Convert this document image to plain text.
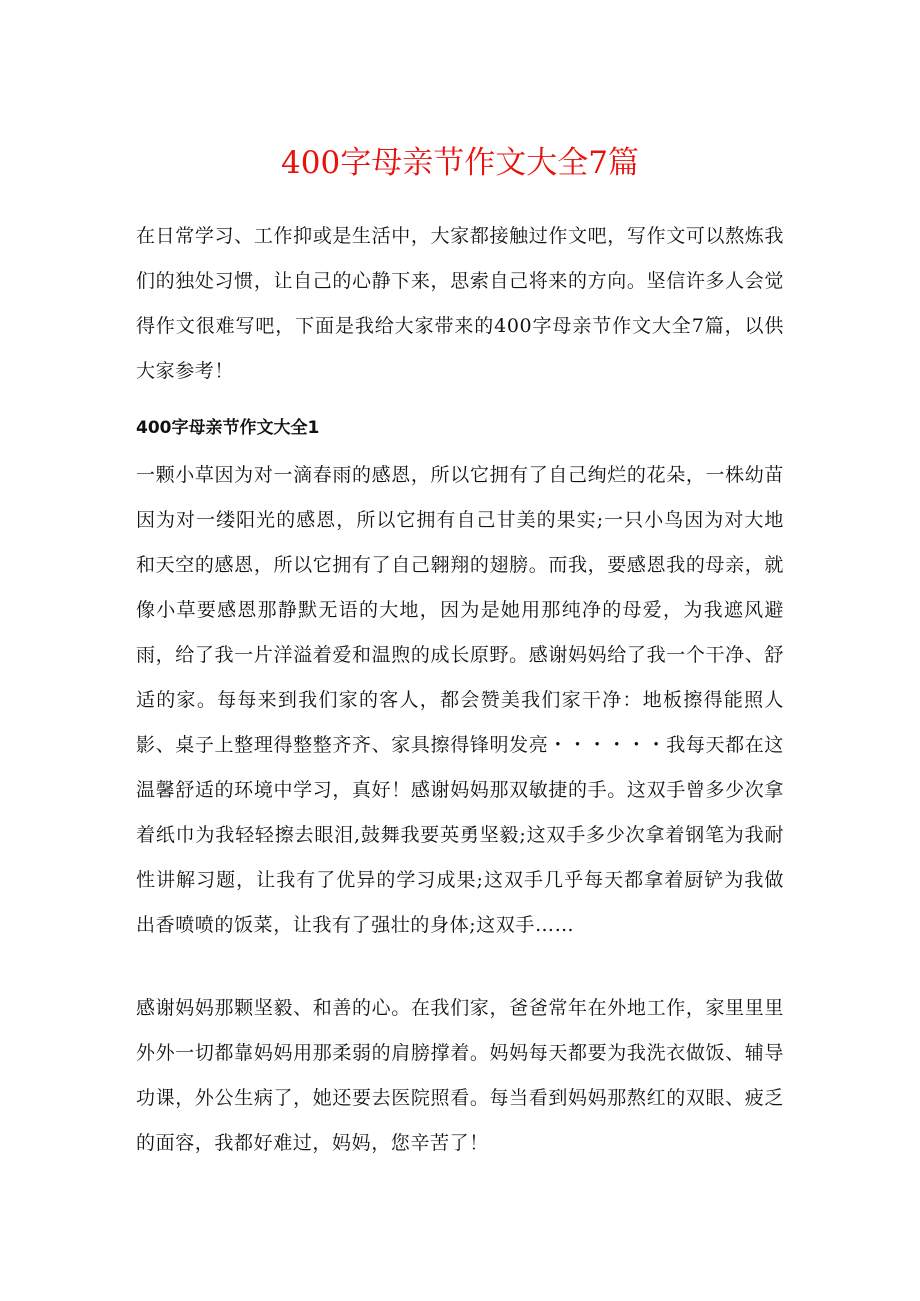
400字母亲节作文大全7篇

在日常学习、工作抑或是生活中，大家都接触过作文吧，写作文可以熬炼我们的独处习惯，让自己的心静下来，思索自己将来的方向。坚信许多人会觉得作文很难写吧，下面是我给大家带来的400字母亲节作文大全7篇，以供大家参考！

400字母亲节作文大全1

一颗小草因为对一滴春雨的感恩，所以它拥有了自己绚烂的花朵，一株幼苗因为对一缕阳光的感恩，所以它拥有自己甘美的果实;一只小鸟因为对大地和天空的感恩，所以它拥有了自己翱翔的翅膀。而我，要感恩我的母亲，就像小草要感恩那静默无语的大地，因为是她用那纯净的母爱，为我遮风避雨，给了我一片洋溢着爱和温煦的成长原野。感谢妈妈给了我一个干净、舒适的家。每每来到我们家的客人，都会赞美我们家干净：地板擦得能照人影、桌子上整理得整整齐齐、家具擦得锋明发亮・・・・・・我每天都在这温馨舒适的环境中学习，真好！感谢妈妈那双敏捷的手。这双手曾多少次拿着纸巾为我轻轻擦去眼泪,鼓舞我要英勇坚毅;这双手多少次拿着钢笔为我耐性讲解习题，让我有了优异的学习成果;这双手几乎每天都拿着厨铲为我做出香喷喷的饭菜，让我有了强壮的身体;这双手……

感谢妈妈那颗坚毅、和善的心。在我们家，爸爸常年在外地工作，家里里里外外一切都靠妈妈用那柔弱的肩膀撑着。妈妈每天都要为我洗衣做饭、辅导功课，外公生病了，她还要去医院照看。每当看到妈妈那熬红的双眼、疲乏的面容，我都好难过，妈妈，您辛苦了！
